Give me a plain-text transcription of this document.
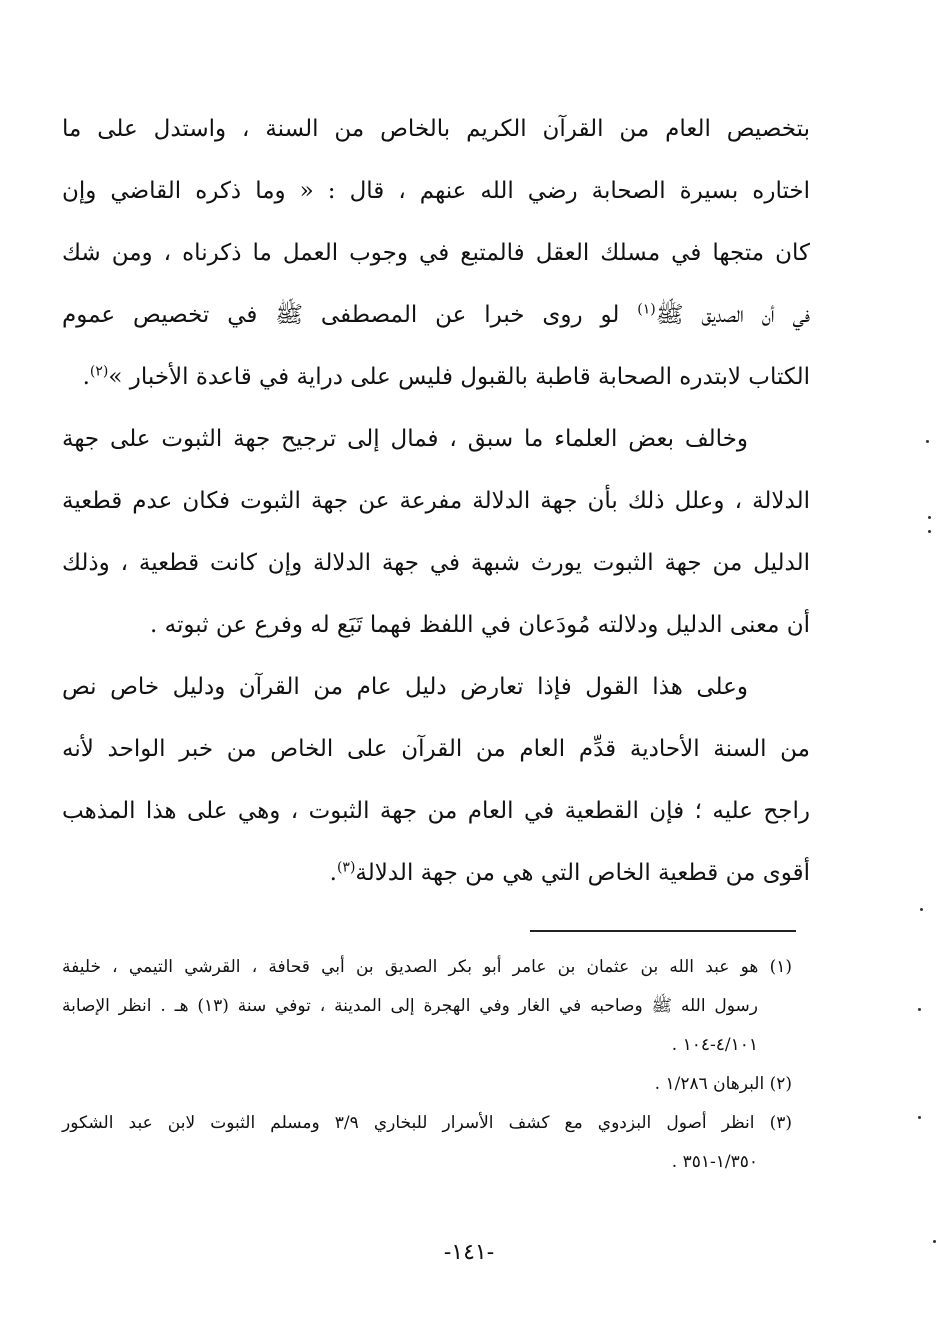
بتخصيص العام من القرآن الكريم بالخاص من السنة ، واستدل على ما
اختاره بسيرة الصحابة رضي الله عنهم ، قال : « وما ذكره القاضي وإن
كان متجها في مسلك العقل فالمتبع في وجوب العمل ما ذكرناه ، ومن شك
في أن الصديق ﷺ$^{(١)}$ لو روى خبرا عن المصطفى ﷺ في تخصيص عموم
الكتاب لابتدره الصحابة قاطبة بالقبول فليس على دراية في قاعدة الأخبار »$^{(٢)}$.
وخالف بعض العلماء ما سبق ، فمال إلى ترجيح جهة الثبوت على جهة
الدلالة ، وعلل ذلك بأن جهة الدلالة مفرعة عن جهة الثبوت فكان عدم قطعية
الدليل من جهة الثبوت يورث شبهة في جهة الدلالة وإن كانت قطعية ، وذلك
أن معنى الدليل ودلالته مُودَعان في اللفظ فهما تَبَع له وفرع عن ثبوته .
وعلى هذا القول فإذا تعارض دليل عام من القرآن ودليل خاص نص
من السنة الأحادية قدِّم العام من القرآن على الخاص من خبر الواحد لأنه
راجح عليه ؛ فإن القطعية في العام من جهة الثبوت ، وهي على هذا المذهب
أقوى من قطعية الخاص التي هي من جهة الدلالة$^{(٣)}$.
(١) هو عبد الله بن عثمان بن عامر أبو بكر الصديق بن أبي قحافة ، القرشي التيمي ، خليفة
رسول الله ﷺ وصاحبه في الغار وفي الهجرة إلى المدينة ، توفي سنة (١٣) هـ . انظر الإصابة
٤/١٠١-١٠٤ .
(٢) البرهان ١/٢٨٦ .
(٣) انظر أصول البزدوي مع كشف الأسرار للبخاري ٣/٩ ومسلم الثبوت لابن عبد الشكور
١/٣٥٠-٣٥١ .
-١٤١-
